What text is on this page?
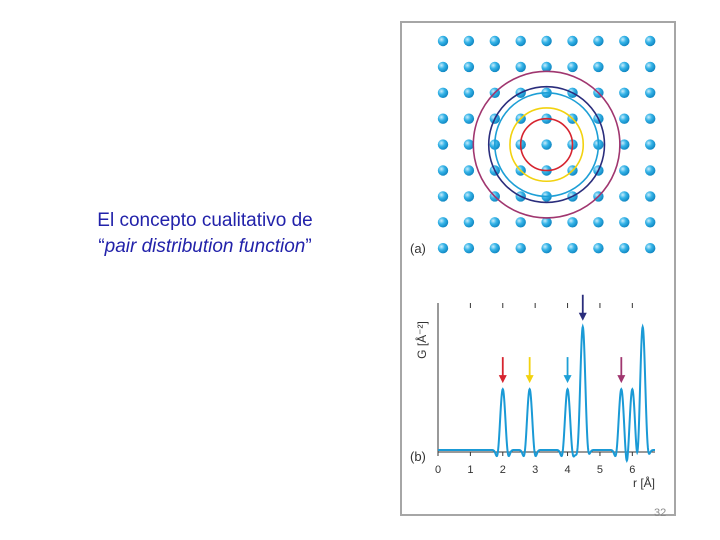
El concepto cualitativo de
“pair distribution function”	(a)
(b)
G [Å⁻²]
r [Å]
0 1 2 3 4 5 6
32
